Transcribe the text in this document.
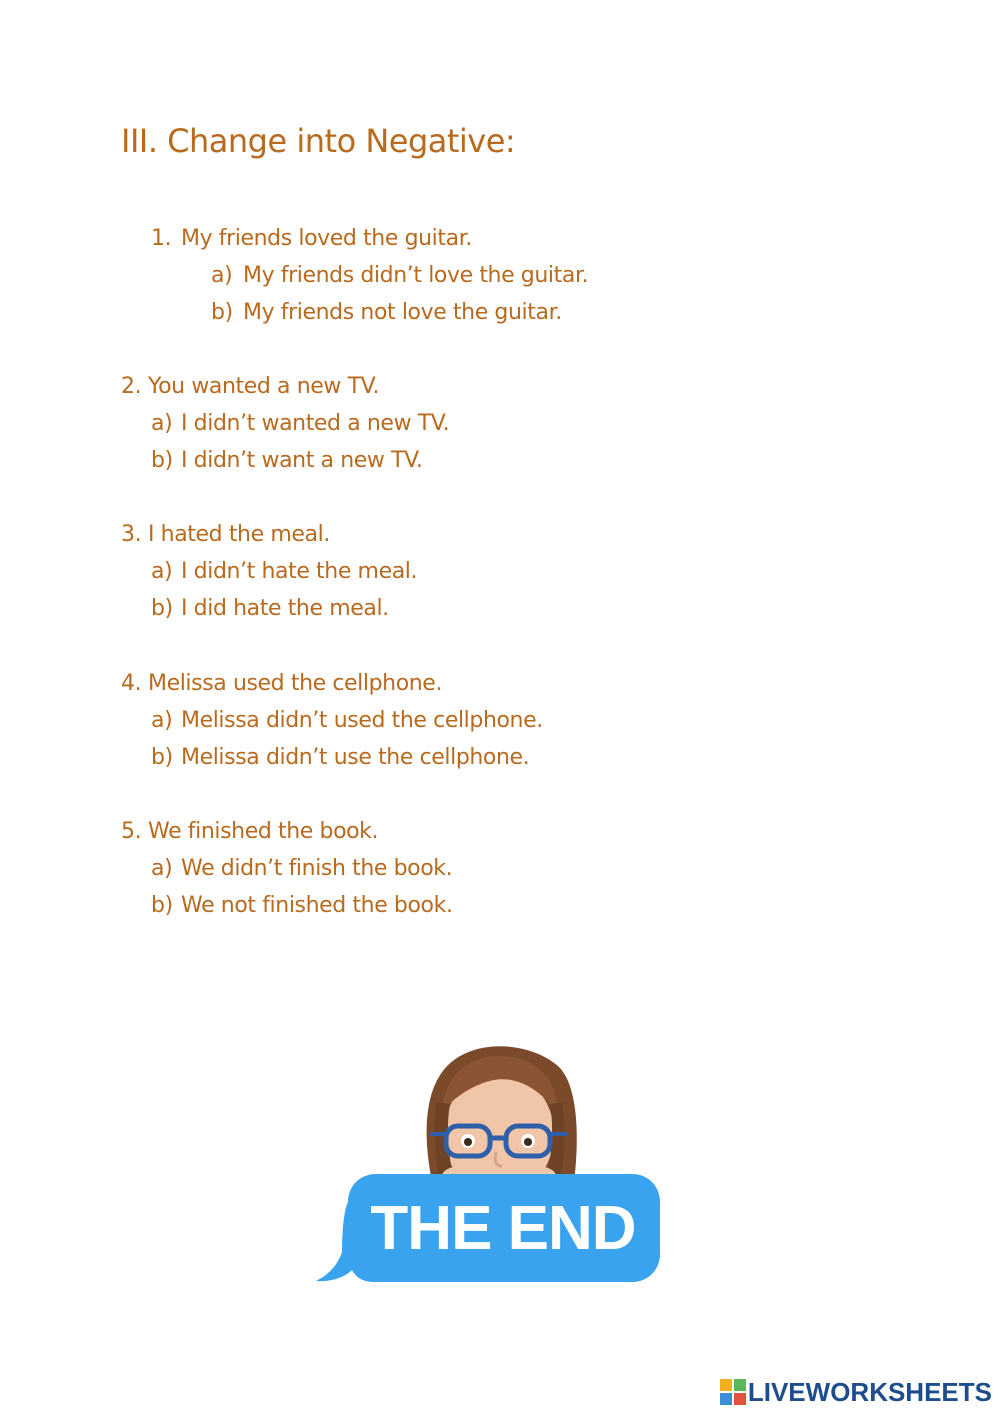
III. Change into Negative:
1. My friends loved the guitar.
a) My friends didn’t love the guitar.
b) My friends not love the guitar.
2. You wanted a new TV.
a) I didn’t wanted a new TV.
b) I didn’t want a new TV.
3. I hated the meal.
a) I didn’t hate the meal.
b) I did hate the meal.
4. Melissa used the cellphone.
a) Melissa didn’t used the cellphone.
b) Melissa didn’t use the cellphone.
5. We finished the book.
a) We didn’t finish the book.
b) We not finished the book.
THE END
LIVEWORKSHEETS
